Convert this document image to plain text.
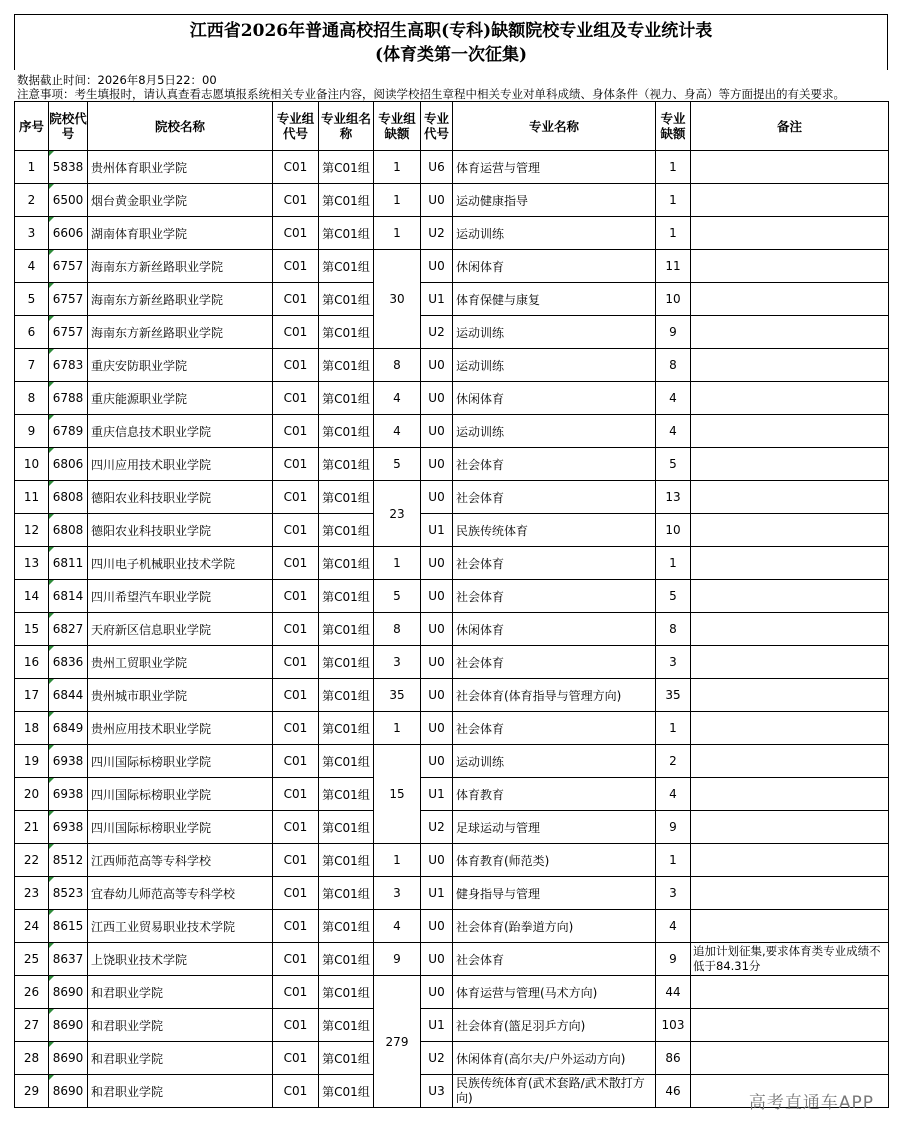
江西省2026年普通高校招生高职(专科)缺额院校专业组及专业统计表
(体育类第一次征集)
数据截止时间：2026年8月5日22：00
注意事项：考生填报时，请认真查看志愿填报系统相关专业备注内容，阅读学校招生章程中相关专业对单科成绩、身体条件（视力、身高）等方面提出的有关要求。
序号	院校代号	院校名称	专业组代号	专业组名称	专业组缺额	专业代号	专业名称	专业缺额	备注
1	5838	贵州体育职业学院	C01	第C01组	1	U6	体育运营与管理	1	
2	6500	烟台黄金职业学院	C01	第C01组	1	U0	运动健康指导	1	
3	6606	湖南体育职业学院	C01	第C01组	1	U2	运动训练	1	
4	6757	海南东方新丝路职业学院	C01	第C01组	30	U0	休闲体育	11	
5	6757	海南东方新丝路职业学院	C01	第C01组		U1	体育保健与康复	10	
6	6757	海南东方新丝路职业学院	C01	第C01组		U2	运动训练	9	
7	6783	重庆安防职业学院	C01	第C01组	8	U0	运动训练	8	
8	6788	重庆能源职业学院	C01	第C01组	4	U0	休闲体育	4	
9	6789	重庆信息技术职业学院	C01	第C01组	4	U0	运动训练	4	
10	6806	四川应用技术职业学院	C01	第C01组	5	U0	社会体育	5	
11	6808	德阳农业科技职业学院	C01	第C01组	23	U0	社会体育	13	
12	6808	德阳农业科技职业学院	C01	第C01组		U1	民族传统体育	10	
13	6811	四川电子机械职业技术学院	C01	第C01组	1	U0	社会体育	1	
14	6814	四川希望汽车职业学院	C01	第C01组	5	U0	社会体育	5	
15	6827	天府新区信息职业学院	C01	第C01组	8	U0	休闲体育	8	
16	6836	贵州工贸职业学院	C01	第C01组	3	U0	社会体育	3	
17	6844	贵州城市职业学院	C01	第C01组	35	U0	社会体育(体育指导与管理方向)	35	
18	6849	贵州应用技术职业学院	C01	第C01组	1	U0	社会体育	1	
19	6938	四川国际标榜职业学院	C01	第C01组	15	U0	运动训练	2	
20	6938	四川国际标榜职业学院	C01	第C01组		U1	体育教育	4	
21	6938	四川国际标榜职业学院	C01	第C01组		U2	足球运动与管理	9	
22	8512	江西师范高等专科学校	C01	第C01组	1	U0	体育教育(师范类)	1	
23	8523	宜春幼儿师范高等专科学校	C01	第C01组	3	U1	健身指导与管理	3	
24	8615	江西工业贸易职业技术学院	C01	第C01组	4	U0	社会体育(跆拳道方向)	4	
25	8637	上饶职业技术学院	C01	第C01组	9	U0	社会体育	9	追加计划征集,要求体育类专业成绩不低于84.31分
26	8690	和君职业学院	C01	第C01组	279	U0	体育运营与管理(马术方向)	44	
27	8690	和君职业学院	C01	第C01组		U1	社会体育(篮足羽乒方向)	103	
28	8690	和君职业学院	C01	第C01组		U2	休闲体育(高尔夫/户外运动方向)	86	
29	8690	和君职业学院	C01	第C01组		U3	民族传统体育(武术套路/武术散打方向)	46	
高考直通车APP
